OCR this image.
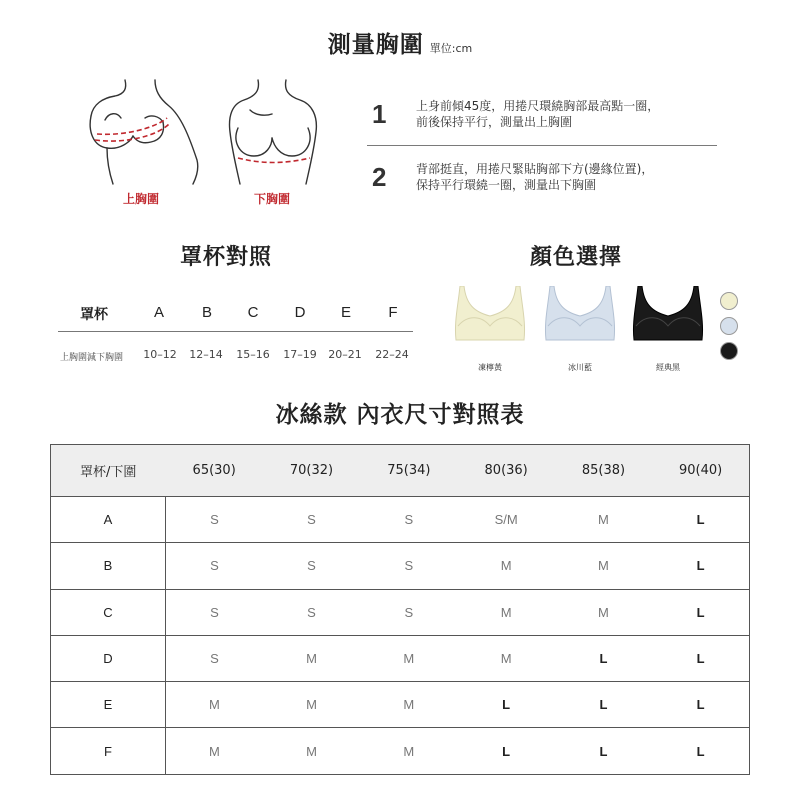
測量胸圍 單位:cm
上胸圍	下胸圍
1 上身前傾45度，用捲尺環繞胸部最高點一圈，
前後保持平行，測量出上胸圍
2 背部挺直，用捲尺緊貼胸部下方(邊緣位置)，
保持平行環繞一圈，測量出下胸圍
罩杯對照
罩杯	A	B	C	D	E	F
上胸圍減下胸圍	10–12	12–14	15–16	17–19	20–21	22–24
顏色選擇
凍檸黃	冰川藍	經典黑
冰絲款 內衣尺寸對照表
罩杯/下圍	65(30)	70(32)	75(34)	80(36)	85(38)	90(40)
A	S	S	S	S/M	M	L
B	S	S	S	M	M	L
C	S	S	S	M	M	L
D	S	M	M	M	L	L
E	M	M	M	L	L	L
F	M	M	M	L	L	L
